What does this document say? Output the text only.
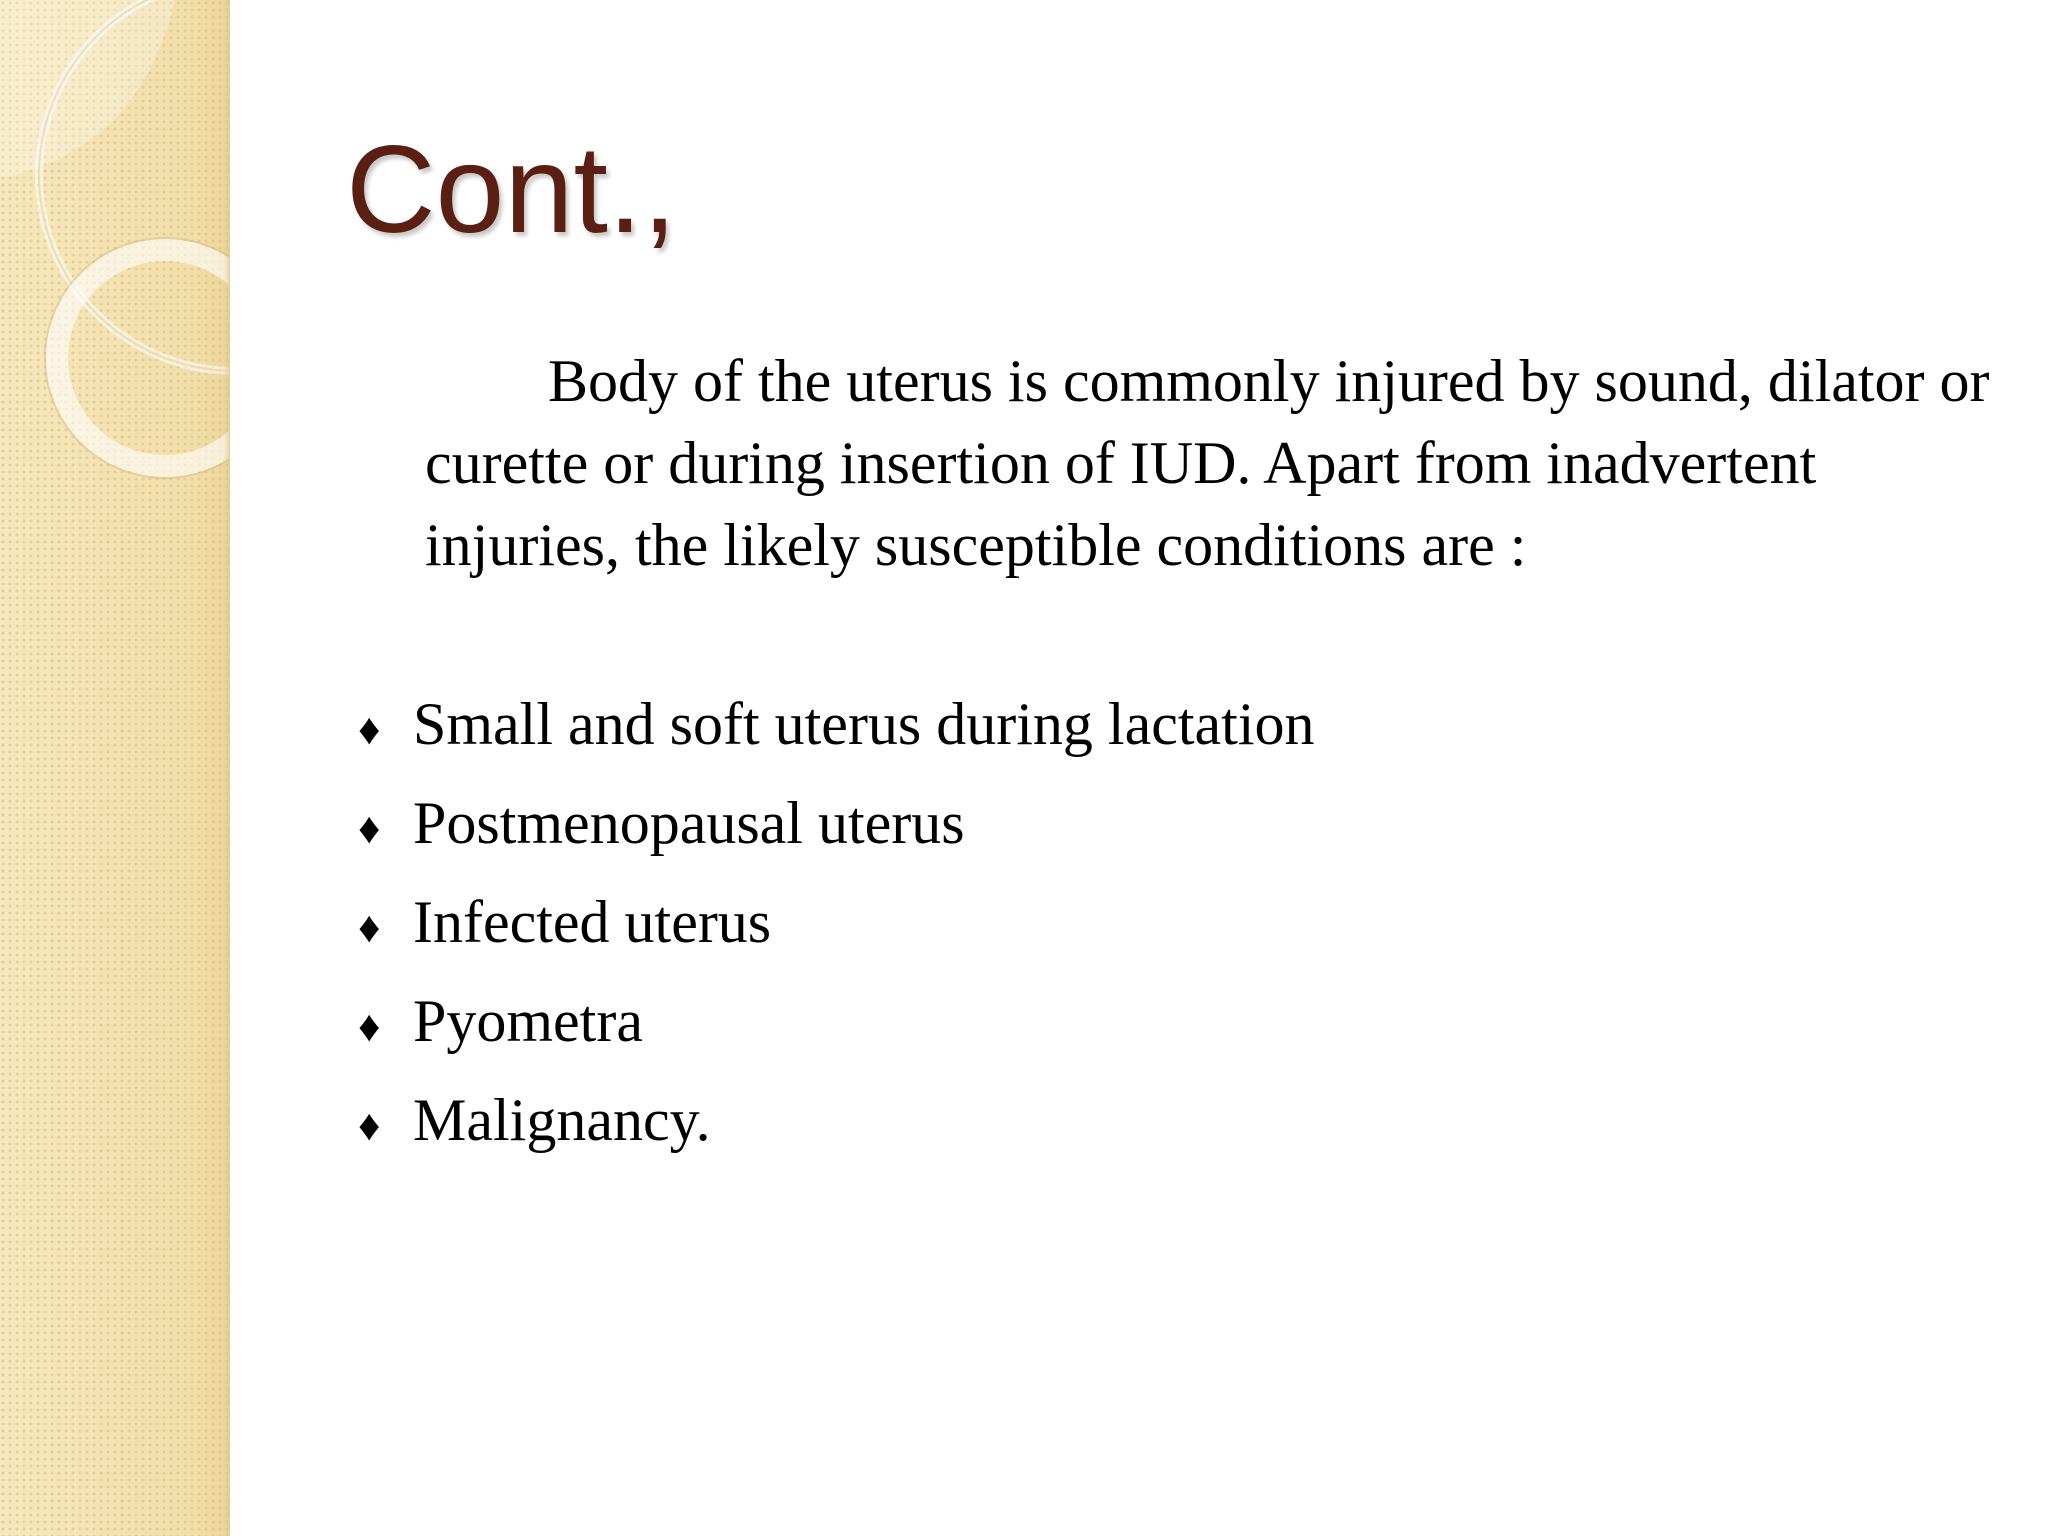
Cont.,

Body of the uterus is commonly injured by sound, dilator or curette or during insertion of IUD. Apart from inadvertent injuries, the likely susceptible conditions are :

♦ Small and soft uterus during lactation
♦ Postmenopausal uterus
♦ Infected uterus
♦ Pyometra
♦ Malignancy.
